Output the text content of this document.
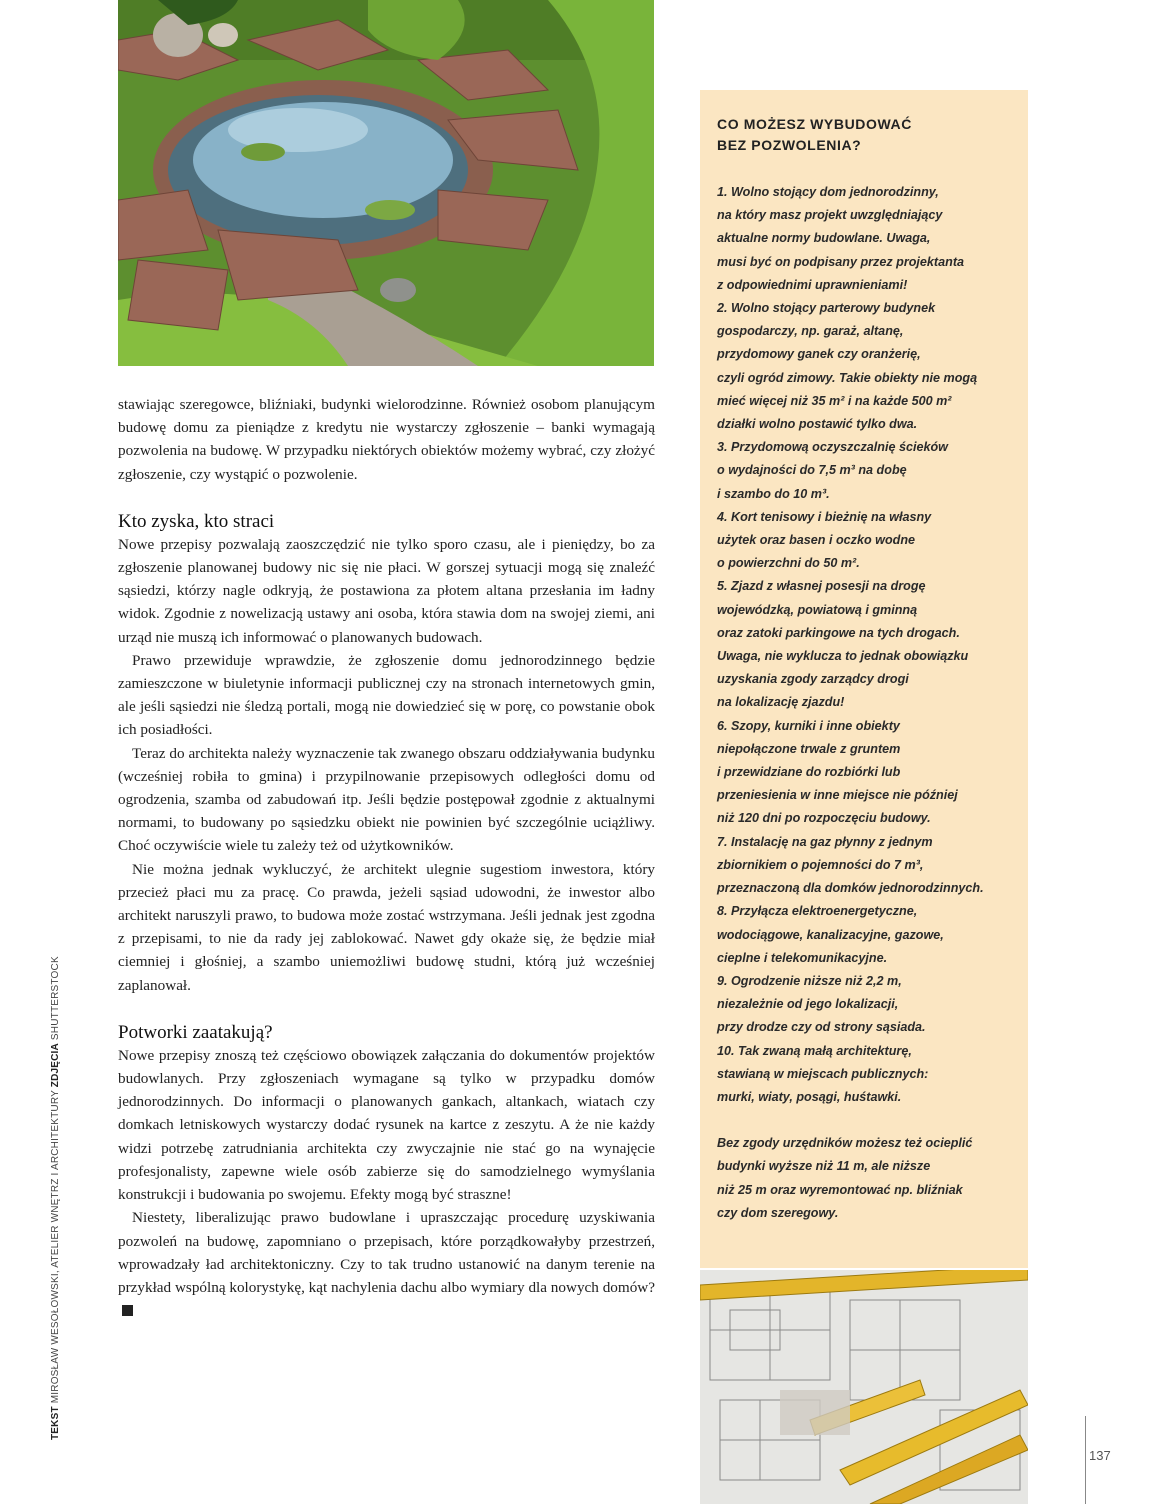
TEKST MIROSŁAW WESOŁOWSKI, ATELIER WNĘTRZ I ARCHITEKTURY ZDJĘCIA SHUTTERSTOCK

stawiając szeregowce, bliźniaki, budynki wielorodzinne. Również osobom planującym budowę domu za pieniądze z kredytu nie wystarczy zgłoszenie – banki wymagają pozwolenia na budowę. W przypadku niektórych obiektów możemy wybrać, czy złożyć zgłoszenie, czy wystąpić o pozwolenie.

Kto zyska, kto straci

Nowe przepisy pozwalają zaoszczędzić nie tylko sporo czasu, ale i pieniędzy, bo za zgłoszenie planowanej budowy nic się nie płaci. W gorszej sytuacji mogą się znaleźć sąsiedzi, którzy nagle odkryją, że postawiona za płotem altana przesłania im ładny widok. Zgodnie z nowelizacją ustawy ani osoba, która stawia dom na swojej ziemi, ani urząd nie muszą ich informować o planowanych budowach.

Prawo przewiduje wprawdzie, że zgłoszenie domu jednorodzinnego będzie zamieszczone w biuletynie informacji publicznej czy na stronach internetowych gmin, ale jeśli sąsiedzi nie śledzą portali, mogą nie dowiedzieć się w porę, co powstanie obok ich posiadłości.

Teraz do architekta należy wyznaczenie tak zwanego obszaru oddziaływania budynku (wcześniej robiła to gmina) i przypilnowanie przepisowych odległości domu od ogrodzenia, szamba od zabudowań itp. Jeśli będzie postępował zgodnie z aktualnymi normami, to budowany po sąsiedzku obiekt nie powinien być szczególnie uciążliwy. Choć oczywiście wiele tu zależy też od użytkowników.

Nie można jednak wykluczyć, że architekt ulegnie sugestiom inwestora, który przecież płaci mu za pracę. Co prawda, jeżeli sąsiad udowodni, że inwestor albo architekt naruszyli prawo, to budowa może zostać wstrzymana. Jeśli jednak jest zgodna z przepisami, to nie da rady jej zablokować. Nawet gdy okaże się, że będzie miał ciemniej i głośniej, a szambo uniemożliwi budowę studni, którą już wcześniej zaplanował.

Potworki zaatakują?

Nowe przepisy znoszą też częściowo obowiązek załączania do dokumentów projektów budowlanych. Przy zgłoszeniach wymagane są tylko w przypadku domów jednorodzinnych. Do informacji o planowanych gankach, altankach, wiatach czy domkach letniskowych wystarczy dodać rysunek na kartce z zeszytu. A że nie każdy widzi potrzebę zatrudniania architekta czy zwyczajnie nie stać go na wynajęcie profesjonalisty, zapewne wiele osób zabierze się do samodzielnego wymyślania konstrukcji i budowania po swojemu. Efekty mogą być straszne!

Niestety, liberalizując prawo budowlane i upraszczając procedurę uzyskiwania pozwoleń na budowę, zapomniano o przepisach, które porządkowałyby przestrzeń, wprowadzały ład architektoniczny. Czy to tak trudno ustanowić na danym terenie na przykład wspólną kolorystykę, kąt nachylenia dachu albo wymiary dla nowych domów?

CO MOŻESZ WYBUDOWAĆ
BEZ POZWOLENIA?
1. Wolno stojący dom jednorodzinny,
na który masz projekt uwzględniający
aktualne normy budowlane. Uwaga,
musi być on podpisany przez projektanta
z odpowiednimi uprawnieniami!
2. Wolno stojący parterowy budynek
gospodarczy, np. garaż, altanę,
przydomowy ganek czy oranżerię,
czyli ogród zimowy. Takie obiekty nie mogą
mieć więcej niż 35 m² i na każde 500 m²
działki wolno postawić tylko dwa.
3. Przydomową oczyszczalnię ścieków
o wydajności do 7,5 m³ na dobę
i szambo do 10 m³.
4. Kort tenisowy i bieżnię na własny
użytek oraz basen i oczko wodne
o powierzchni do 50 m².
5. Zjazd z własnej posesji na drogę
wojewódzką, powiatową i gminną
oraz zatoki parkingowe na tych drogach.
Uwaga, nie wyklucza to jednak obowiązku
uzyskania zgody zarządcy drogi
na lokalizację zjazdu!
6. Szopy, kurniki i inne obiekty
niepołączone trwale z gruntem
i przewidziane do rozbiórki lub
przeniesienia w inne miejsce nie później
niż 120 dni po rozpoczęciu budowy.
7. Instalację na gaz płynny z jednym
zbiornikiem o pojemności do 7 m³,
przeznaczoną dla domków jednorodzinnych.
8. Przyłącza elektroenergetyczne,
wodociągowe, kanalizacyjne, gazowe,
cieplne i telekomunikacyjne.
9. Ogrodzenie niższe niż 2,2 m,
niezależnie od jego lokalizacji,
przy drodze czy od strony sąsiada.
10. Tak zwaną małą architekturę,
stawianą w miejscach publicznych:
murki, wiaty, posągi, huśtawki.
Bez zgody urzędników możesz też ocieplić
budynki wyższe niż 11 m, ale niższe
niż 25 m oraz wyremontować np. bliźniak
czy dom szeregowy.
137
